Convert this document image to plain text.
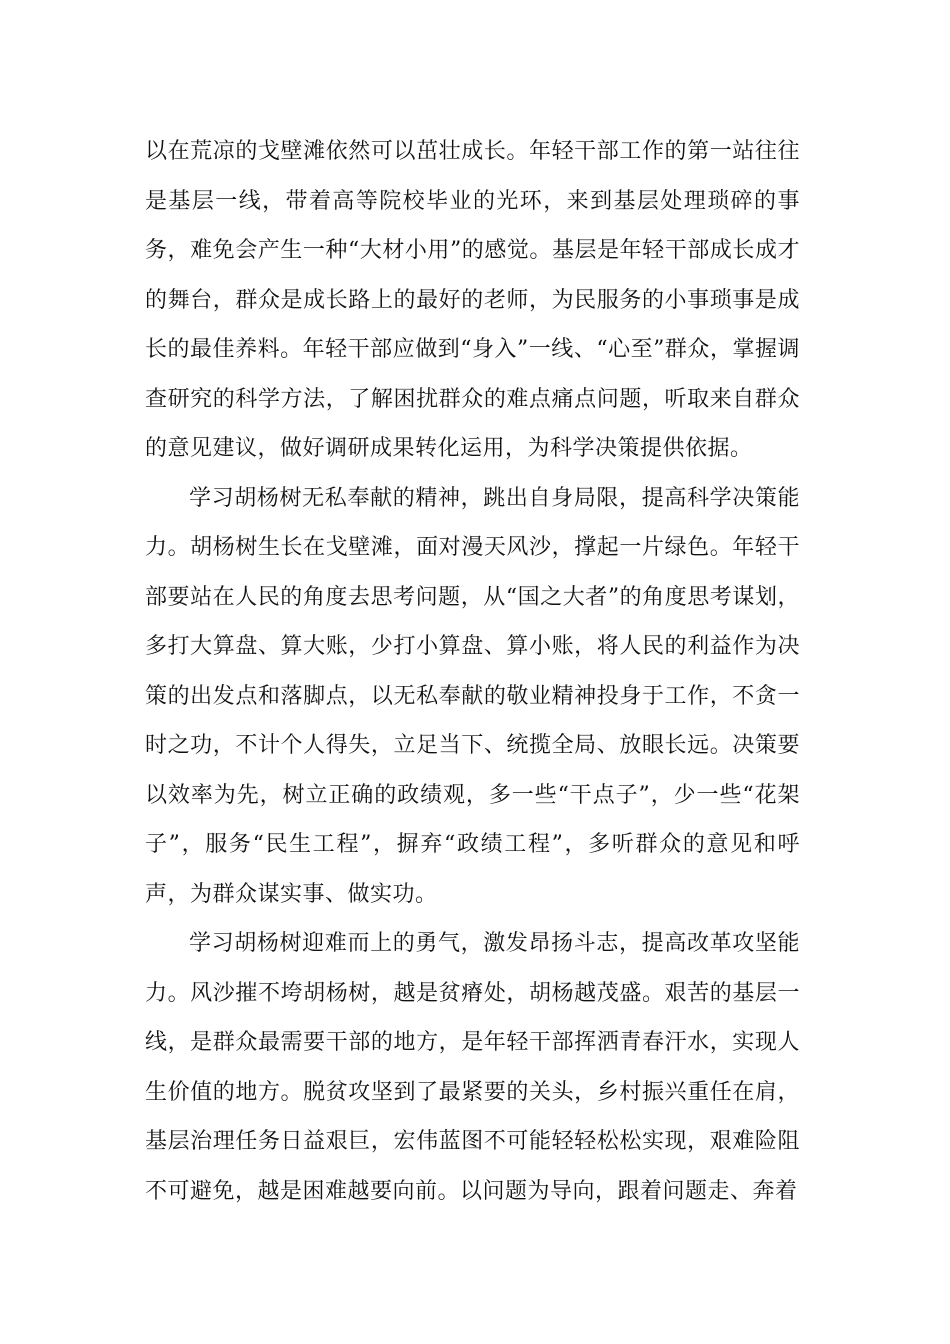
以在荒凉的戈壁滩依然可以茁壮成长。年轻干部工作的第一站往往是基层一线，带着高等院校毕业的光环，来到基层处理琐碎的事务，难免会产生一种“大材小用”的感觉。基层是年轻干部成长成才的舞台，群众是成长路上的最好的老师，为民服务的小事琐事是成长的最佳养料。年轻干部应做到“身入”一线、“心至”群众，掌握调查研究的科学方法，了解困扰群众的难点痛点问题，听取来自群众的意见建议，做好调研成果转化运用，为科学决策提供依据。

学习胡杨树无私奉献的精神，跳出自身局限，提高科学决策能力。胡杨树生长在戈壁滩，面对漫天风沙，撑起一片绿色。年轻干部要站在人民的角度去思考问题，从“国之大者”的角度思考谋划，多打大算盘、算大账，少打小算盘、算小账，将人民的利益作为决策的出发点和落脚点，以无私奉献的敬业精神投身于工作，不贪一时之功，不计个人得失，立足当下、统揽全局、放眼长远。决策要以效率为先，树立正确的政绩观，多一些“干点子”，少一些“花架子”，服务“民生工程”，摒弃“政绩工程”，多听群众的意见和呼声，为群众谋实事、做实功。

学习胡杨树迎难而上的勇气，激发昂扬斗志，提高改革攻坚能力。风沙摧不垮胡杨树，越是贫瘠处，胡杨越茂盛。艰苦的基层一线，是群众最需要干部的地方，是年轻干部挥洒青春汗水，实现人生价值的地方。脱贫攻坚到了最紧要的关头，乡村振兴重任在肩，基层治理任务日益艰巨，宏伟蓝图不可能轻轻松松实现，艰难险阻不可避免，越是困难越要向前。以问题为导向，跟着问题走、奔着
